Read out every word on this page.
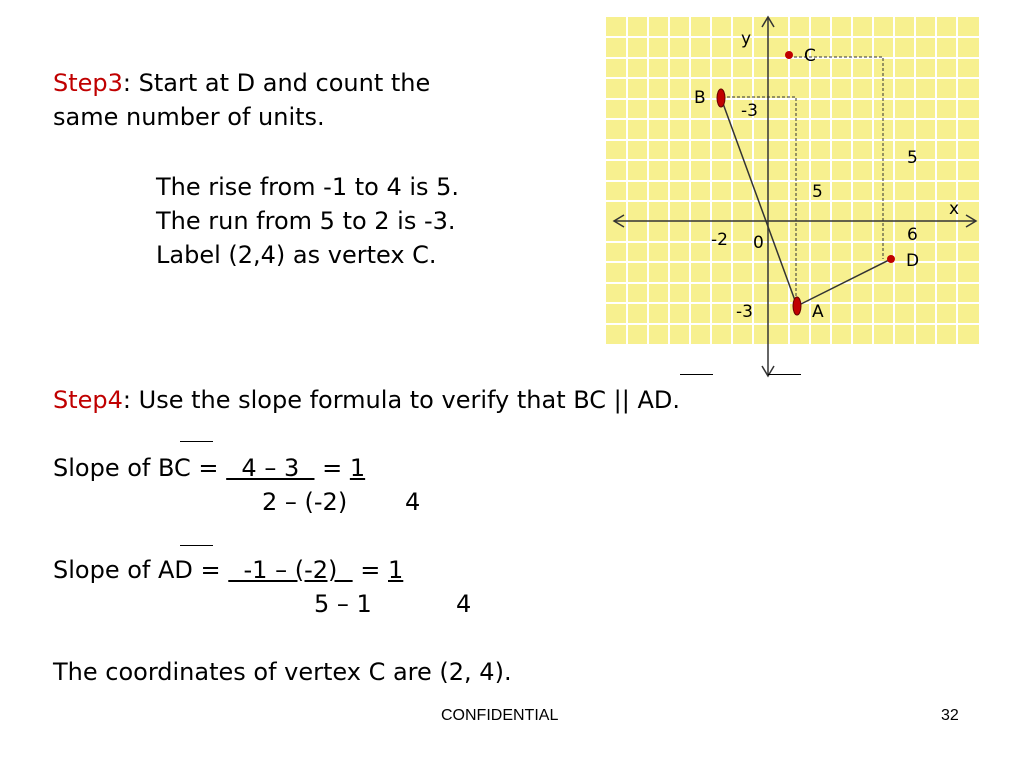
Step3: Start at D and count the
same number of units.
The rise from -1 to 4 is 5.
The run from 5 to 2 is -3.
Label (2,4) as vertex C.
y
x
0
C
B
D
A
-3
5
5
6
-2
-3
Step4: Use the slope formula to verify that BC || AD.
Slope of BC =   4 – 3   = 1
2 – (-2) 4
Slope of AD =   -1 – (-2)   = 1
5 – 1	4
The coordinates of vertex C are (2, 4).
CONFIDENTIAL	32
